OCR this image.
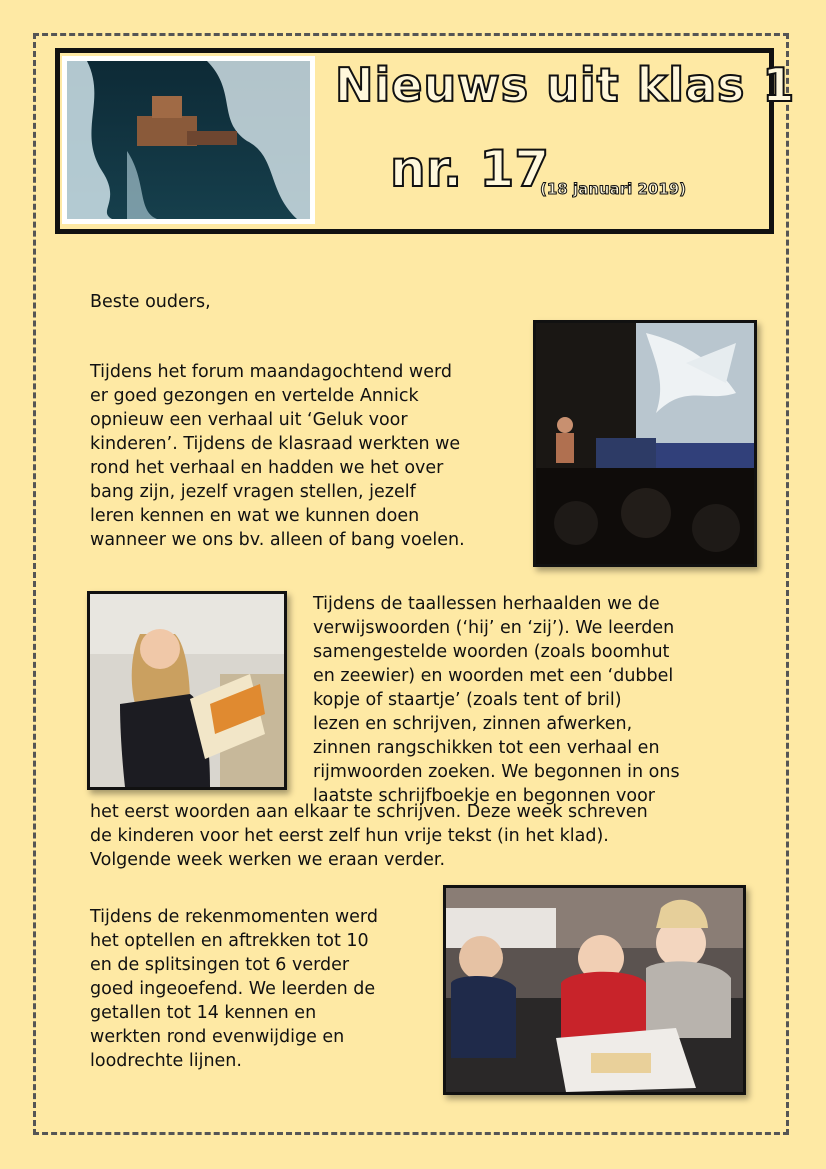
Nieuws uit klas 1
nr. 17
(18 januari 2019)

Beste ouders,

Tijdens het forum maandagochtend werd
er goed gezongen en vertelde Annick
opnieuw een verhaal uit ‘Geluk voor
kinderen’. Tijdens de klasraad werkten we
rond het verhaal en hadden we het over
bang zijn, jezelf vragen stellen, jezelf
leren kennen en wat we kunnen doen
wanneer we ons bv. alleen of bang voelen.

Tijdens de taallessen herhaalden we de
verwijswoorden (‘hij’ en ‘zij’). We leerden
samengestelde woorden (zoals boomhut
en zeewier) en woorden met een ‘dubbel
kopje of staartje’ (zoals tent of bril)
lezen en schrijven, zinnen afwerken,
zinnen rangschikken tot een verhaal en
rijmwoorden zoeken. We begonnen in ons
laatste schrijfboekje en begonnen voor

het eerst woorden aan elkaar te schrijven. Deze week schreven
de kinderen voor het eerst zelf hun vrije tekst (in het klad).
Volgende week werken we eraan verder.

Tijdens de rekenmomenten werd
het optellen en aftrekken tot 10
en de splitsingen tot 6 verder
goed ingeoefend. We leerden de
getallen tot 14 kennen en
werkten rond evenwijdige en
loodrechte lijnen.
